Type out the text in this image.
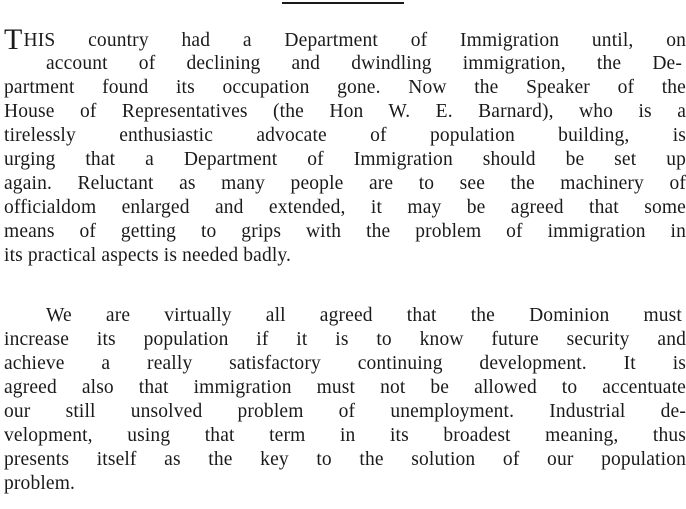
THIS country had a Department of Immigration until, on
account of declining and dwindling immigration, the De-
partment found its occupation gone. Now the Speaker of the
House of Representatives (the Hon W. E. Barnard), who is a
tirelessly enthusiastic advocate of population building, is
urging that a Department of Immigration should be set up
again. Reluctant as many people are to see the machinery of
officialdom enlarged and extended, it may be agreed that some
means of getting to grips with the problem of immigration in
its practical aspects is needed badly.
We are virtually all agreed that the Dominion must
increase its population if it is to know future security and
achieve a really satisfactory continuing development. It is
agreed also that immigration must not be allowed to accentuate
our still unsolved problem of unemployment. Industrial de-
velopment, using that term in its broadest meaning, thus
presents itself as the key to the solution of our population
problem.
